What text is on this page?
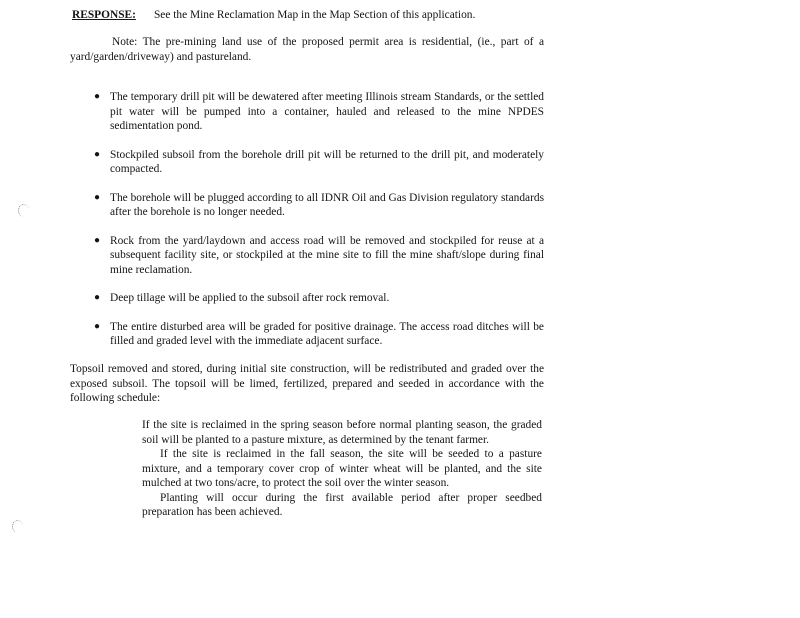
RESPONSE: See the Mine Reclamation Map in the Map Section of this application.
Note: The pre-mining land use of the proposed permit area is residential, (ie., part of a yard/garden/driveway) and pastureland.
● The temporary drill pit will be dewatered after meeting Illinois stream Standards, or the settled pit water will be pumped into a container, hauled and released to the mine NPDES sedimentation pond.
● Stockpiled subsoil from the borehole drill pit will be returned to the drill pit, and moderately compacted.
● The borehole will be plugged according to all IDNR Oil and Gas Division regulatory standards after the borehole is no longer needed.
● Rock from the yard/laydown and access road will be removed and stockpiled for reuse at a subsequent facility site, or stockpiled at the mine site to fill the mine shaft/slope during final mine reclamation.
● Deep tillage will be applied to the subsoil after rock removal.
● The entire disturbed area will be graded for positive drainage. The access road ditches will be filled and graded level with the immediate adjacent surface.
Topsoil removed and stored, during initial site construction, will be redistributed and graded over the exposed subsoil. The topsoil will be limed, fertilized, prepared and seeded in accordance with the following schedule:

If the site is reclaimed in the spring season before normal planting season, the graded soil will be planted to a pasture mixture, as determined by the tenant farmer.

If the site is reclaimed in the fall season, the site will be seeded to a pasture mixture, and a temporary cover crop of winter wheat will be planted, and the site mulched at two tons/acre, to protect the soil over the winter season.

Planting will occur during the first available period after proper seedbed preparation has been achieved.
